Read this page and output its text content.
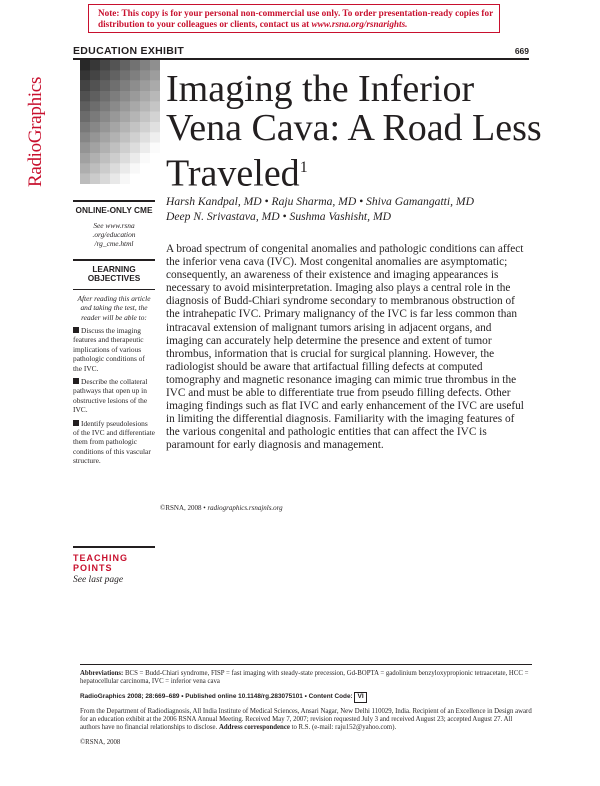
Note: This copy is for your personal non-commercial use only. To order presentation-ready copies for distribution to your colleagues or clients, contact us at www.rsna.org/rsnarights.
EDUCATION EXHIBIT	669
RadioGraphics	Imaging the Inferior Vena Cava: A Road Less Traveled$^1$
Harsh Kandpal, MD • Raju Sharma, MD • Shiva Gamangatti, MD
Deep N. Srivastava, MD • Sushma Vashisht, MD
ONLINE-ONLY CME
See www.rsna .org/education /rg_cme.html
LEARNING OBJECTIVES
After reading this article and taking the test, the reader will be able to:
Discuss the imaging features and therapeutic implications of various pathologic conditions of the IVC.
Describe the collateral pathways that open up in obstructive lesions of the IVC.
Identify pseudolesions of the IVC and differentiate them from pathologic conditions of this vascular structure.
©RSNA, 2008 • radiographics.rsnajnls.org

A broad spectrum of congenital anomalies and pathologic conditions can affect the inferior vena cava (IVC). Most congenital anomalies are asymptomatic; consequently, an awareness of their existence and imaging appearances is necessary to avoid misinterpretation. Imaging also plays a central role in the diagnosis of Budd-Chiari syndrome secondary to membranous obstruction of the intrahepatic IVC. Primary malignancy of the IVC is far less common than intracaval extension of malignant tumors arising in adjacent organs, and imaging can accurately help determine the presence and extent of tumor thrombus, information that is crucial for surgical planning. However, the radiologist should be aware that artifactual filling defects at computed tomography and magnetic resonance imaging can mimic true thrombus in the IVC and must be able to differentiate true from pseudo filling defects. Other imaging findings such as flat IVC and early enhancement of the IVC are useful in limiting the differential diagnosis. Familiarity with the imaging features of the various congenital and pathologic entities that can affect the IVC is paramount for early diagnosis and management.

TEACHING
POINTS
See last page
Abbreviations: BCS = Budd-Chiari syndrome, FISP = fast imaging with steady-state precession, Gd-BOPTA = gadolinium benzyloxypropionic tetraacetate, HCC = hepatocellular carcinoma, IVC = inferior vena cava
RadioGraphics 2008; 28:669–689 • Published online 10.1148/rg.283075101 • Content Code: VI
From the Department of Radiodiagnosis, All India Institute of Medical Sciences, Ansari Nagar, New Delhi 110029, India. Recipient of an Excellence in Design award for an education exhibit at the 2006 RSNA Annual Meeting. Received May 7, 2007; revision requested July 3 and received August 23; accepted August 27. All authors have no financial relationships to disclose. Address correspondence to R.S. (e-mail: raju152@yahoo.com).
©RSNA, 2008
